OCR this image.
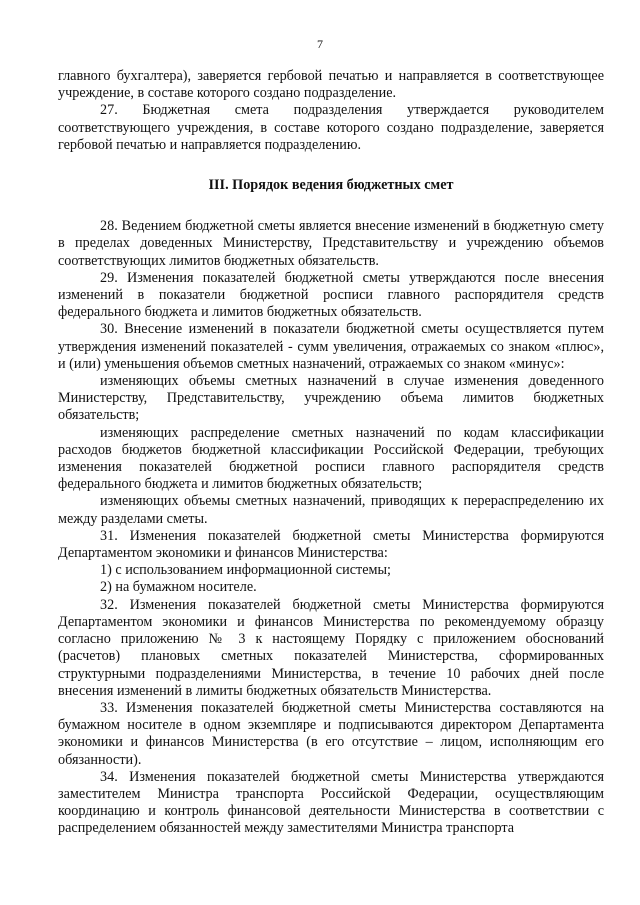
7

главного бухгалтера), заверяется гербовой печатью и направляется в соответствующее учреждение, в составе которого создано подразделение.

27. Бюджетная смета подразделения утверждается руководителем соответствующего учреждения, в составе которого создано подразделение, заверяется гербовой печатью и направляется подразделению.

III. Порядок ведения бюджетных смет

28. Ведением бюджетной сметы является внесение изменений в бюджетную смету в пределах доведенных Министерству, Представительству и учреждению объемов соответствующих лимитов бюджетных обязательств.

29. Изменения показателей бюджетной сметы утверждаются после внесения изменений в показатели бюджетной росписи главного распорядителя средств федерального бюджета и лимитов бюджетных обязательств.

30. Внесение изменений в показатели бюджетной сметы осуществляется путем утверждения изменений показателей - сумм увеличения, отражаемых со знаком «плюс», и (или) уменьшения объемов сметных назначений, отражаемых со знаком «минус»:

изменяющих объемы сметных назначений в случае изменения доведенного Министерству, Представительству, учреждению объема лимитов бюджетных обязательств;

изменяющих распределение сметных назначений по кодам классификации расходов бюджетов бюджетной классификации Российской Федерации, требующих изменения показателей бюджетной росписи главного распорядителя средств федерального бюджета и лимитов бюджетных обязательств;

изменяющих объемы сметных назначений, приводящих к перераспределению их между разделами сметы.

31. Изменения показателей бюджетной сметы Министерства формируются Департаментом экономики и финансов Министерства:

1) с использованием информационной системы;

2) на бумажном носителе.

32. Изменения показателей бюджетной сметы Министерства формируются Департаментом экономики и финансов Министерства по рекомендуемому образцу согласно приложению № 3 к настоящему Порядку с приложением обоснований (расчетов) плановых сметных показателей Министерства, сформированных структурными подразделениями Министерства, в течение 10 рабочих дней после внесения изменений в лимиты бюджетных обязательств Министерства.

33. Изменения показателей бюджетной сметы Министерства составляются на бумажном носителе в одном экземпляре и подписываются директором Департамента экономики и финансов Министерства (в его отсутствие – лицом, исполняющим его обязанности).

34. Изменения показателей бюджетной сметы Министерства утверждаются заместителем Министра транспорта Российской Федерации, осуществляющим координацию и контроль финансовой деятельности Министерства в соответствии с распределением обязанностей между заместителями Министра транспорта
